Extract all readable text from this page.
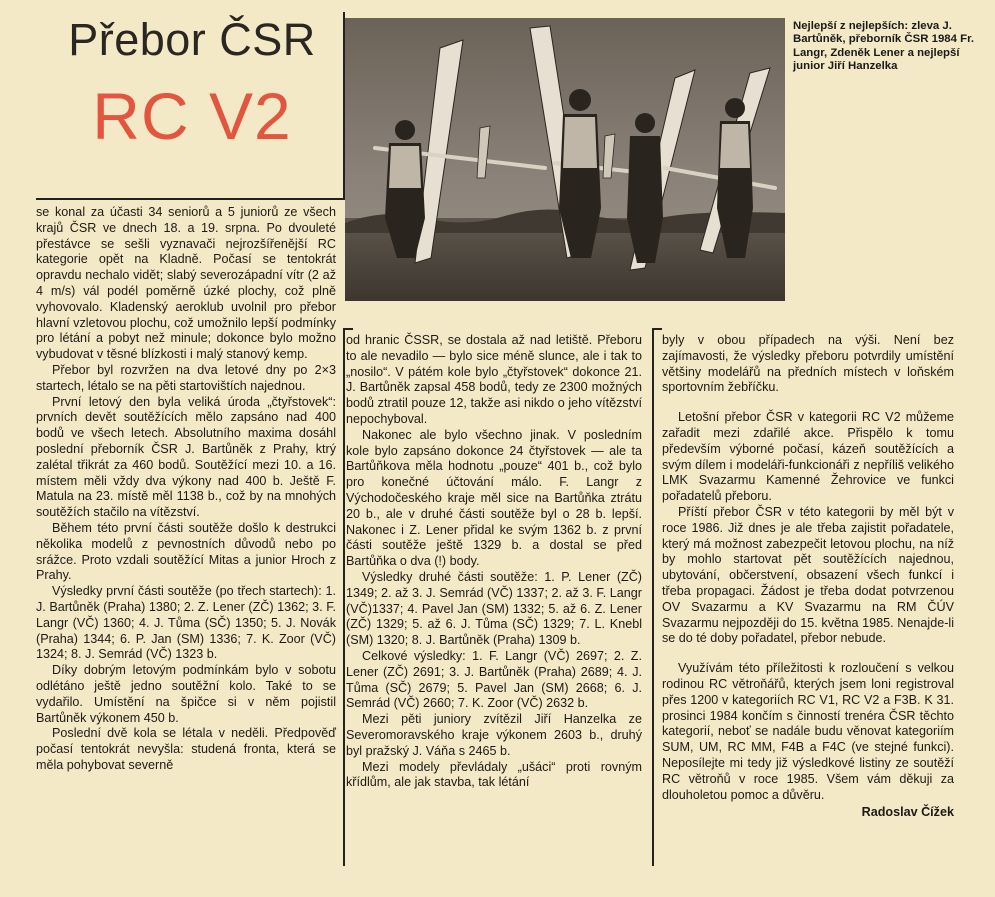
Přebor ČSR
RC V2
Nejlepší z nejlepších: zleva J. Bartůněk, přeborník ČSR 1984 Fr. Langr, Zdeněk Lener a nejlepší junior Jiří Hanzelka

se konal za účasti 34 seniorů a 5 juniorů ze všech krajů ČSR ve dnech 18. a 19. srpna. Po dvouleté přestávce se sešli vyznavači nejrozšířenější RC kategorie opět na Kladně. Počasí se tentokrát opravdu nechalo vidět; slabý severozápadní vítr (2 až 4 m/s) vál podél poměrně úzké plochy, což plně vyhovovalo. Kladenský aeroklub uvolnil pro přebor hlavní vzletovou plochu, což umožnilo lepší podmínky pro létání a pobyt než minule; dokonce bylo možno vybudovat v těsné blízkosti i malý stanový kemp.

Přebor byl rozvržen na dva letové dny po 2×3 startech, létalo se na pěti startovištích najednou.

První letový den byla veliká úroda „čtyřstovek“: prvních devět soutěžících mělo zapsáno nad 400 bodů ve všech letech. Absolutního maxima dosáhl poslední přeborník ČSR J. Bartůněk z Prahy, ktrý zalétal třikrát za 460 bodů. Soutěžící mezi 10. a 16. místem měli vždy dva výkony nad 400 b. Ještě F. Matula na 23. místě měl 1138 b., což by na mnohých soutěžích stačilo na vítězství.

Během této první části soutěže došlo k destrukci několika modelů z pevnostních důvodů nebo po srážce. Proto vzdali soutěžící Mitas a junior Hroch z Prahy.

Výsledky první části soutěže (po třech startech): 1. J. Bartůněk (Praha) 1380; 2. Z. Lener (ZČ) 1362; 3. F. Langr (VČ) 1360; 4. J. Tůma (SČ) 1350; 5. J. Novák (Praha) 1344; 6. P. Jan (SM) 1336; 7. K. Zoor (VČ) 1324; 8. J. Semrád (VČ) 1323 b.

Díky dobrým letovým podmínkám bylo v sobotu odlétáno ještě jedno soutěžní kolo. Také to se vydařilo. Umístění na špičce si v něm pojistil Bartůněk výkonem 450 b.

Poslední dvě kola se létala v neděli. Předpověď počasí tentokrát nevyšla: studená fronta, která se měla pohybovat severně

od hranic ČSSR, se dostala až nad letiště. Přeboru to ale nevadilo — bylo sice méně slunce, ale i tak to „nosilo“. V pátém kole bylo „čtyřstovek“ dokonce 21. J. Bartůněk zapsal 458 bodů, tedy ze 2300 možných bodů ztratil pouze 12, takže asi nikdo o jeho vítězství nepochyboval.

Nakonec ale bylo všechno jinak. V posledním kole bylo zapsáno dokonce 24 čtyřstovek — ale ta Bartůňkova měla hodnotu „pouze“ 401 b., což bylo pro konečné účtování málo. F. Langr z Východočeského kraje měl sice na Bartůňka ztrátu 20 b., ale v druhé části soutěže byl o 28 b. lepší. Nakonec i Z. Lener přidal ke svým 1362 b. z první části soutěže ještě 1329 b. a dostal se před Bartůňka o dva (!) body.

Výsledky druhé části soutěže: 1. P. Lener (ZČ) 1349; 2. až 3. J. Semrád (VČ) 1337; 2. až 3. F. Langr (VČ)1337; 4. Pavel Jan (SM) 1332; 5. až 6. Z. Lener (ZČ) 1329; 5. až 6. J. Tůma (SČ) 1329; 7. L. Knebl (SM) 1320; 8. J. Bartůněk (Praha) 1309 b.

Celkové výsledky: 1. F. Langr (VČ) 2697; 2. Z. Lener (ZČ) 2691; 3. J. Bartůněk (Praha) 2689; 4. J. Tůma (SČ) 2679; 5. Pavel Jan (SM) 2668; 6. J. Semrád (VČ) 2660; 7. K. Zoor (VČ) 2632 b.

Mezi pěti juniory zvítězil Jiří Hanzelka ze Severomoravského kraje výkonem 2603 b., druhý byl pražský J. Váňa s 2465 b.

Mezi modely převládaly „ušáci“ proti rovným křídlům, ale jak stavba, tak létání

byly v obou případech na výši. Není bez zajímavosti, že výsledky přeboru potvrdily umístění většiny modelářů na předních místech v loňském sportovním žebříčku.

Letošní přebor ČSR v kategorii RC V2 můžeme zařadit mezi zdařilé akce. Přispělo k tomu především výborné počasí, kázeň soutěžících a svým dílem i modeláři-funkcionáři z nepříliš velikého LMK Svazarmu Kamenné Žehrovice ve funkci pořadatelů přeboru.

Příští přebor ČSR v této kategorii by měl být v roce 1986. Již dnes je ale třeba zajistit pořadatele, který má možnost zabezpečit letovou plochu, na níž by mohlo startovat pět soutěžících najednou, ubytování, občerstvení, obsazení všech funkcí i třeba propagaci. Žádost je třeba dodat potvrzenou OV Svazarmu a KV Svazarmu na RM ČÚV Svazarmu nejpozději do 15. května 1985. Nenajde-li se do té doby pořadatel, přebor nebude.

Využívám této příležitosti k rozloučení s velkou rodinou RC větroňářů, kterých jsem loni registroval přes 1200 v kategoriích RC V1, RC V2 a F3B. K 31. prosinci 1984 končím s činností trenéra ČSR těchto kategorií, neboť se nadále budu věnovat kategoriím SUM, UM, RC MM, F4B a F4C (ve stejné funkci). Neposílejte mi tedy již výsledkové listiny ze soutěží RC větroňů v roce 1985. Všem vám děkuji za dlouholetou pomoc a důvěru.

Radoslav Čížek
